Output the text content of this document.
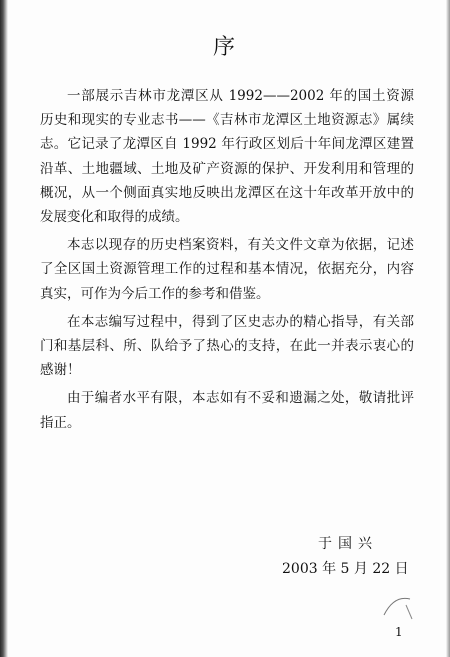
序

一部展示吉林市龙潭区从 1992——2002 年的国土资源历史和现实的专业志书——《吉林市龙潭区土地资源志》属续志。它记录了龙潭区自 1992 年行政区划后十年间龙潭区建置沿革、土地疆域、土地及矿产资源的保护、开发利用和管理的概况，从一个侧面真实地反映出龙潭区在这十年改革开放中的发展变化和取得的成绩。

本志以现存的历史档案资料，有关文件文章为依据，记述了全区国土资源管理工作的过程和基本情况，依据充分，内容真实，可作为今后工作的参考和借鉴。

在本志编写过程中，得到了区史志办的精心指导，有关部门和基层科、所、队给予了热心的支持，在此一并表示衷心的感谢！

由于编者水平有限，本志如有不妥和遗漏之处，敬请批评指正。

于国兴
2003 年 5 月 22 日
1
